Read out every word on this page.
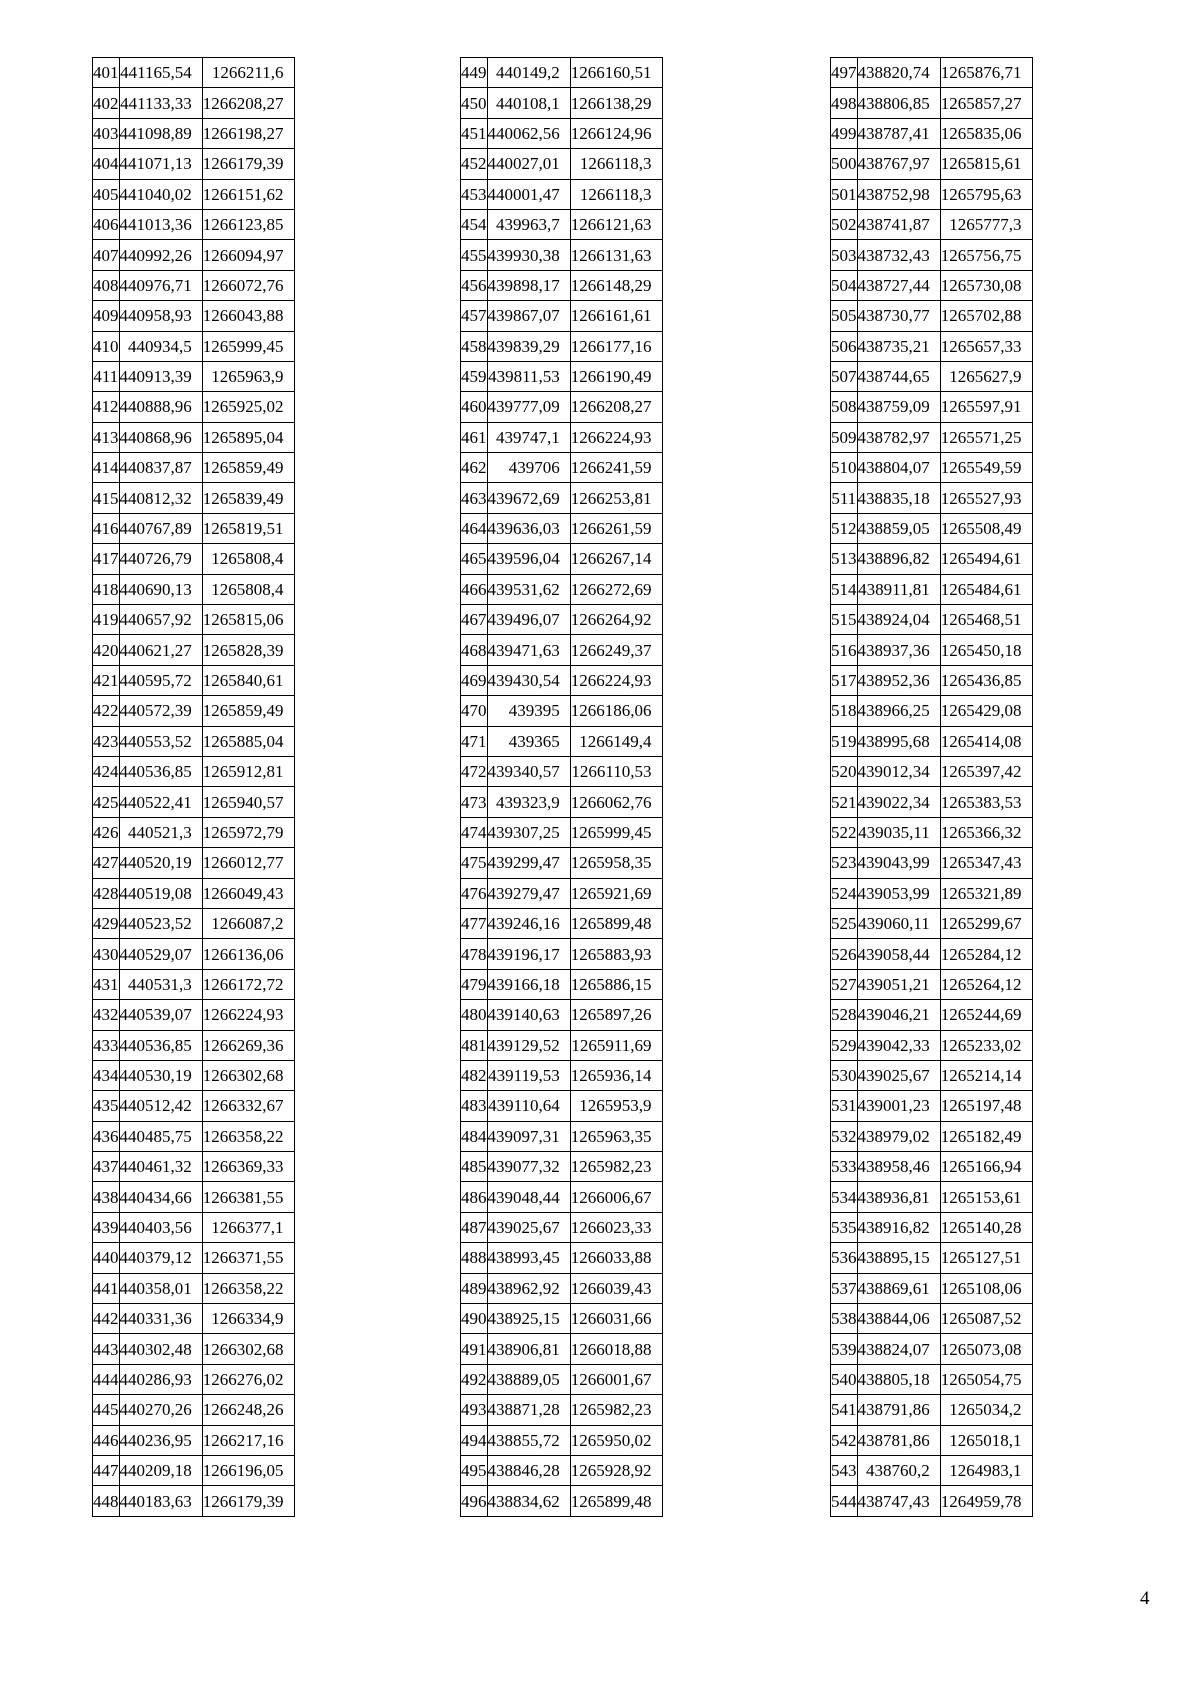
401	441165,54	1266211,6
402	441133,33	1266208,27
403	441098,89	1266198,27
404	441071,13	1266179,39
405	441040,02	1266151,62
406	441013,36	1266123,85
407	440992,26	1266094,97
408	440976,71	1266072,76
409	440958,93	1266043,88
410	440934,5	1265999,45
411	440913,39	1265963,9
412	440888,96	1265925,02
413	440868,96	1265895,04
414	440837,87	1265859,49
415	440812,32	1265839,49
416	440767,89	1265819,51
417	440726,79	1265808,4
418	440690,13	1265808,4
419	440657,92	1265815,06
420	440621,27	1265828,39
421	440595,72	1265840,61
422	440572,39	1265859,49
423	440553,52	1265885,04
424	440536,85	1265912,81
425	440522,41	1265940,57
426	440521,3	1265972,79
427	440520,19	1266012,77
428	440519,08	1266049,43
429	440523,52	1266087,2
430	440529,07	1266136,06
431	440531,3	1266172,72
432	440539,07	1266224,93
433	440536,85	1266269,36
434	440530,19	1266302,68
435	440512,42	1266332,67
436	440485,75	1266358,22
437	440461,32	1266369,33
438	440434,66	1266381,55
439	440403,56	1266377,1
440	440379,12	1266371,55
441	440358,01	1266358,22
442	440331,36	1266334,9
443	440302,48	1266302,68
444	440286,93	1266276,02
445	440270,26	1266248,26
446	440236,95	1266217,16
447	440209,18	1266196,05
448	440183,63	1266179,39
449	440149,2	1266160,51
450	440108,1	1266138,29
451	440062,56	1266124,96
452	440027,01	1266118,3
453	440001,47	1266118,3
454	439963,7	1266121,63
455	439930,38	1266131,63
456	439898,17	1266148,29
457	439867,07	1266161,61
458	439839,29	1266177,16
459	439811,53	1266190,49
460	439777,09	1266208,27
461	439747,1	1266224,93
462	439706	1266241,59
463	439672,69	1266253,81
464	439636,03	1266261,59
465	439596,04	1266267,14
466	439531,62	1266272,69
467	439496,07	1266264,92
468	439471,63	1266249,37
469	439430,54	1266224,93
470	439395	1266186,06
471	439365	1266149,4
472	439340,57	1266110,53
473	439323,9	1266062,76
474	439307,25	1265999,45
475	439299,47	1265958,35
476	439279,47	1265921,69
477	439246,16	1265899,48
478	439196,17	1265883,93
479	439166,18	1265886,15
480	439140,63	1265897,26
481	439129,52	1265911,69
482	439119,53	1265936,14
483	439110,64	1265953,9
484	439097,31	1265963,35
485	439077,32	1265982,23
486	439048,44	1266006,67
487	439025,67	1266023,33
488	438993,45	1266033,88
489	438962,92	1266039,43
490	438925,15	1266031,66
491	438906,81	1266018,88
492	438889,05	1266001,67
493	438871,28	1265982,23
494	438855,72	1265950,02
495	438846,28	1265928,92
496	438834,62	1265899,48
497	438820,74	1265876,71
498	438806,85	1265857,27
499	438787,41	1265835,06
500	438767,97	1265815,61
501	438752,98	1265795,63
502	438741,87	1265777,3
503	438732,43	1265756,75
504	438727,44	1265730,08
505	438730,77	1265702,88
506	438735,21	1265657,33
507	438744,65	1265627,9
508	438759,09	1265597,91
509	438782,97	1265571,25
510	438804,07	1265549,59
511	438835,18	1265527,93
512	438859,05	1265508,49
513	438896,82	1265494,61
514	438911,81	1265484,61
515	438924,04	1265468,51
516	438937,36	1265450,18
517	438952,36	1265436,85
518	438966,25	1265429,08
519	438995,68	1265414,08
520	439012,34	1265397,42
521	439022,34	1265383,53
522	439035,11	1265366,32
523	439043,99	1265347,43
524	439053,99	1265321,89
525	439060,11	1265299,67
526	439058,44	1265284,12
527	439051,21	1265264,12
528	439046,21	1265244,69
529	439042,33	1265233,02
530	439025,67	1265214,14
531	439001,23	1265197,48
532	438979,02	1265182,49
533	438958,46	1265166,94
534	438936,81	1265153,61
535	438916,82	1265140,28
536	438895,15	1265127,51
537	438869,61	1265108,06
538	438844,06	1265087,52
539	438824,07	1265073,08
540	438805,18	1265054,75
541	438791,86	1265034,2
542	438781,86	1265018,1
543	438760,2	1264983,1
544	438747,43	1264959,78
4
